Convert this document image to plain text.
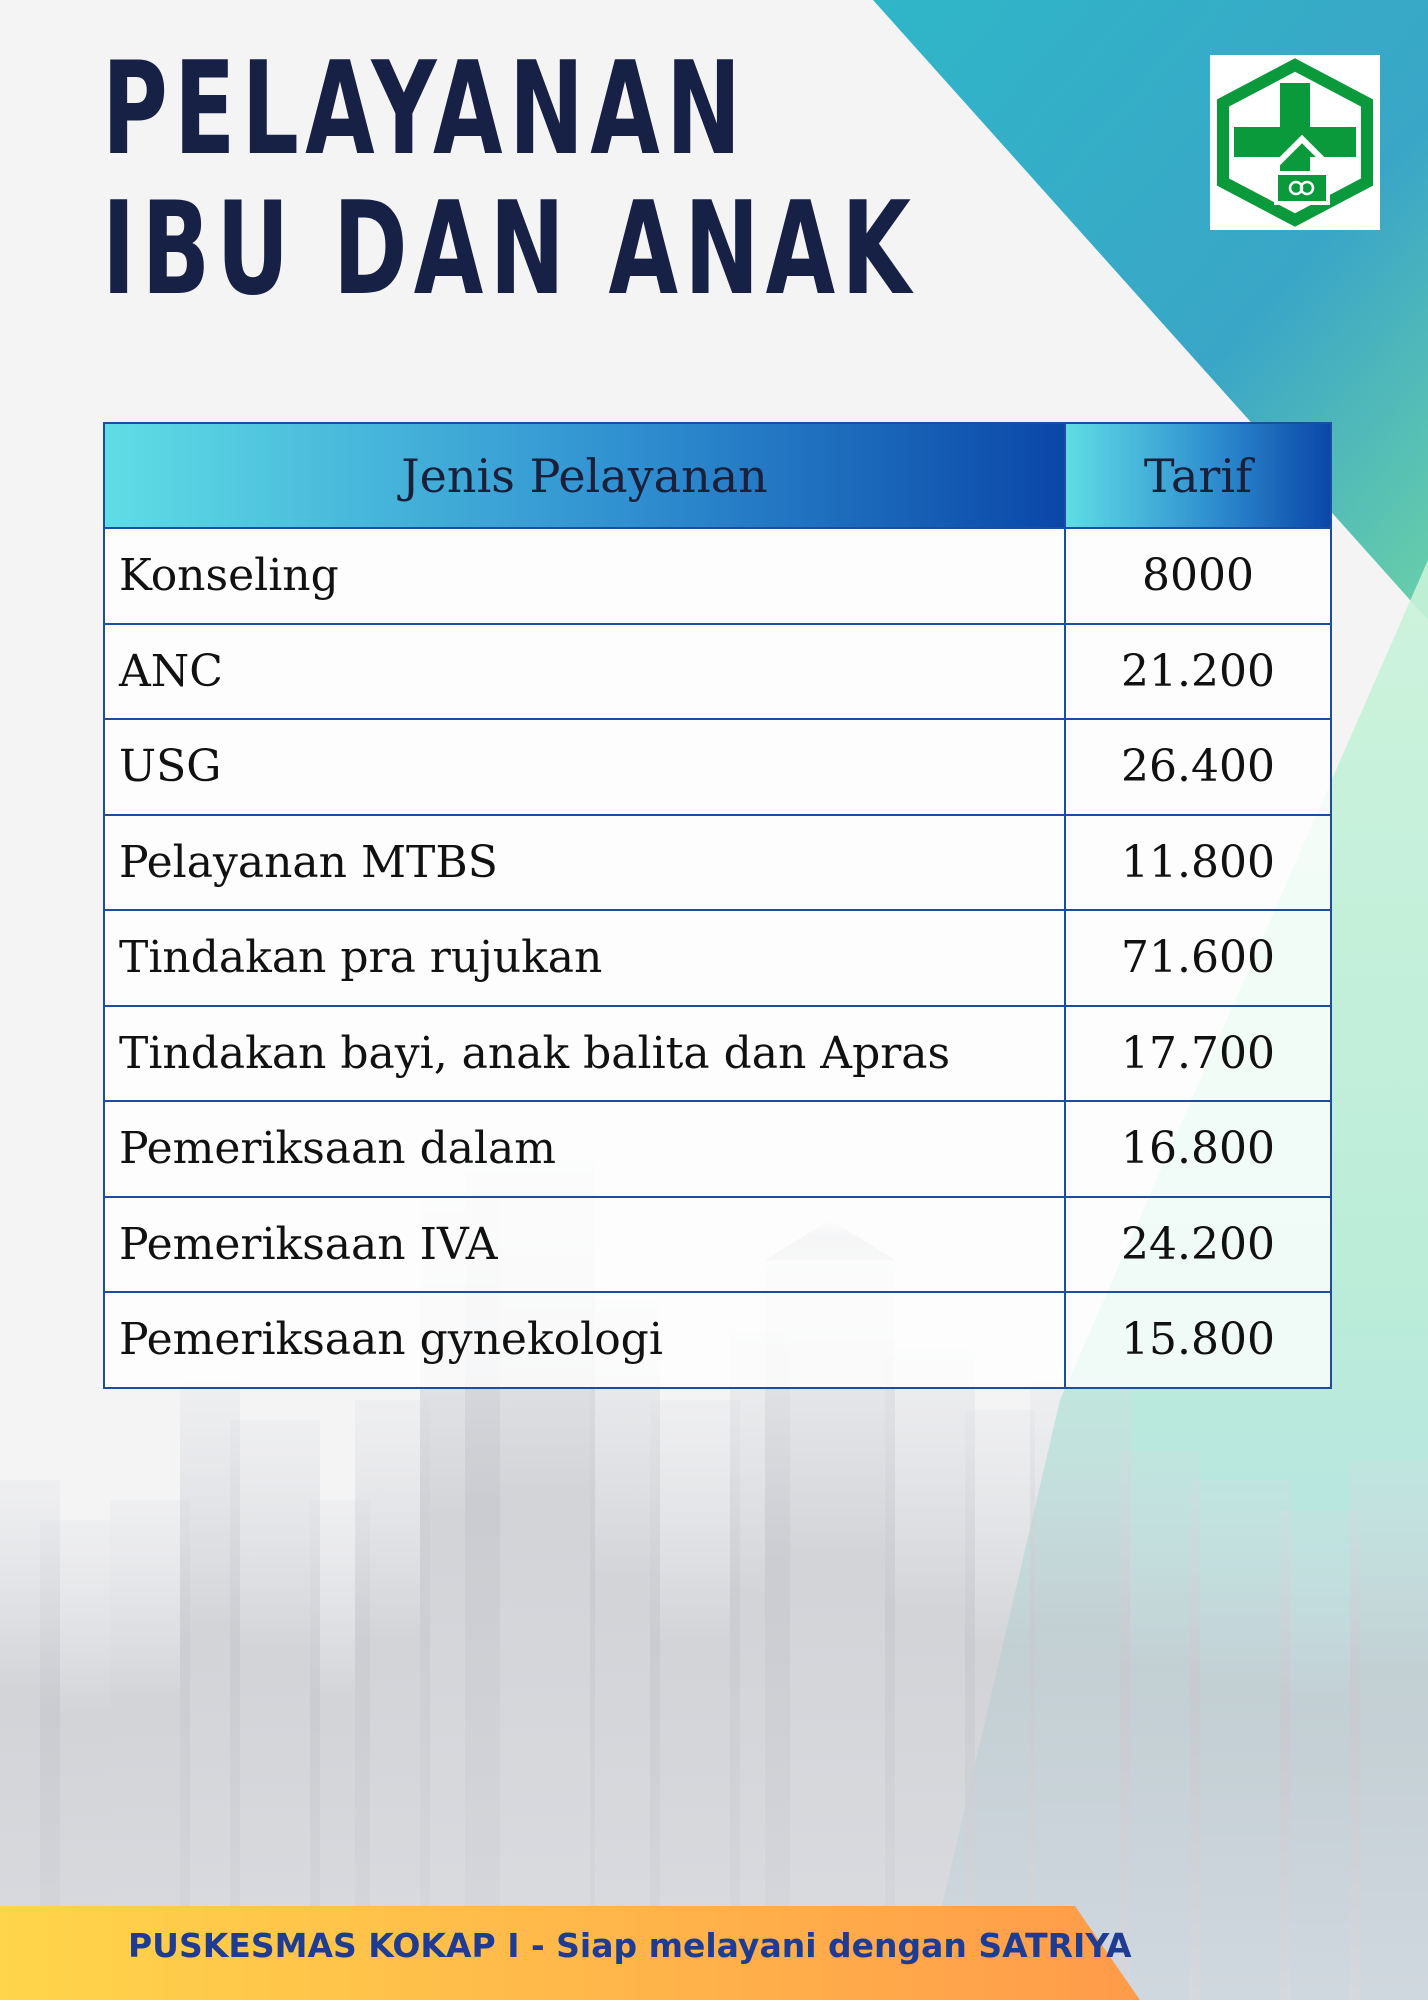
PELAYANAN
IBU DAN ANAK
Jenis Pelayanan	Tarif
Konseling	8000
ANC	21.200
USG	26.400
Pelayanan MTBS	11.800
Tindakan pra rujukan	71.600
Tindakan bayi, anak balita dan Apras	17.700
Pemeriksaan dalam	16.800
Pemeriksaan IVA	24.200
Pemeriksaan gynekologi	15.800
PUSKESMAS KOKAP I - Siap melayani dengan SATRIYA
